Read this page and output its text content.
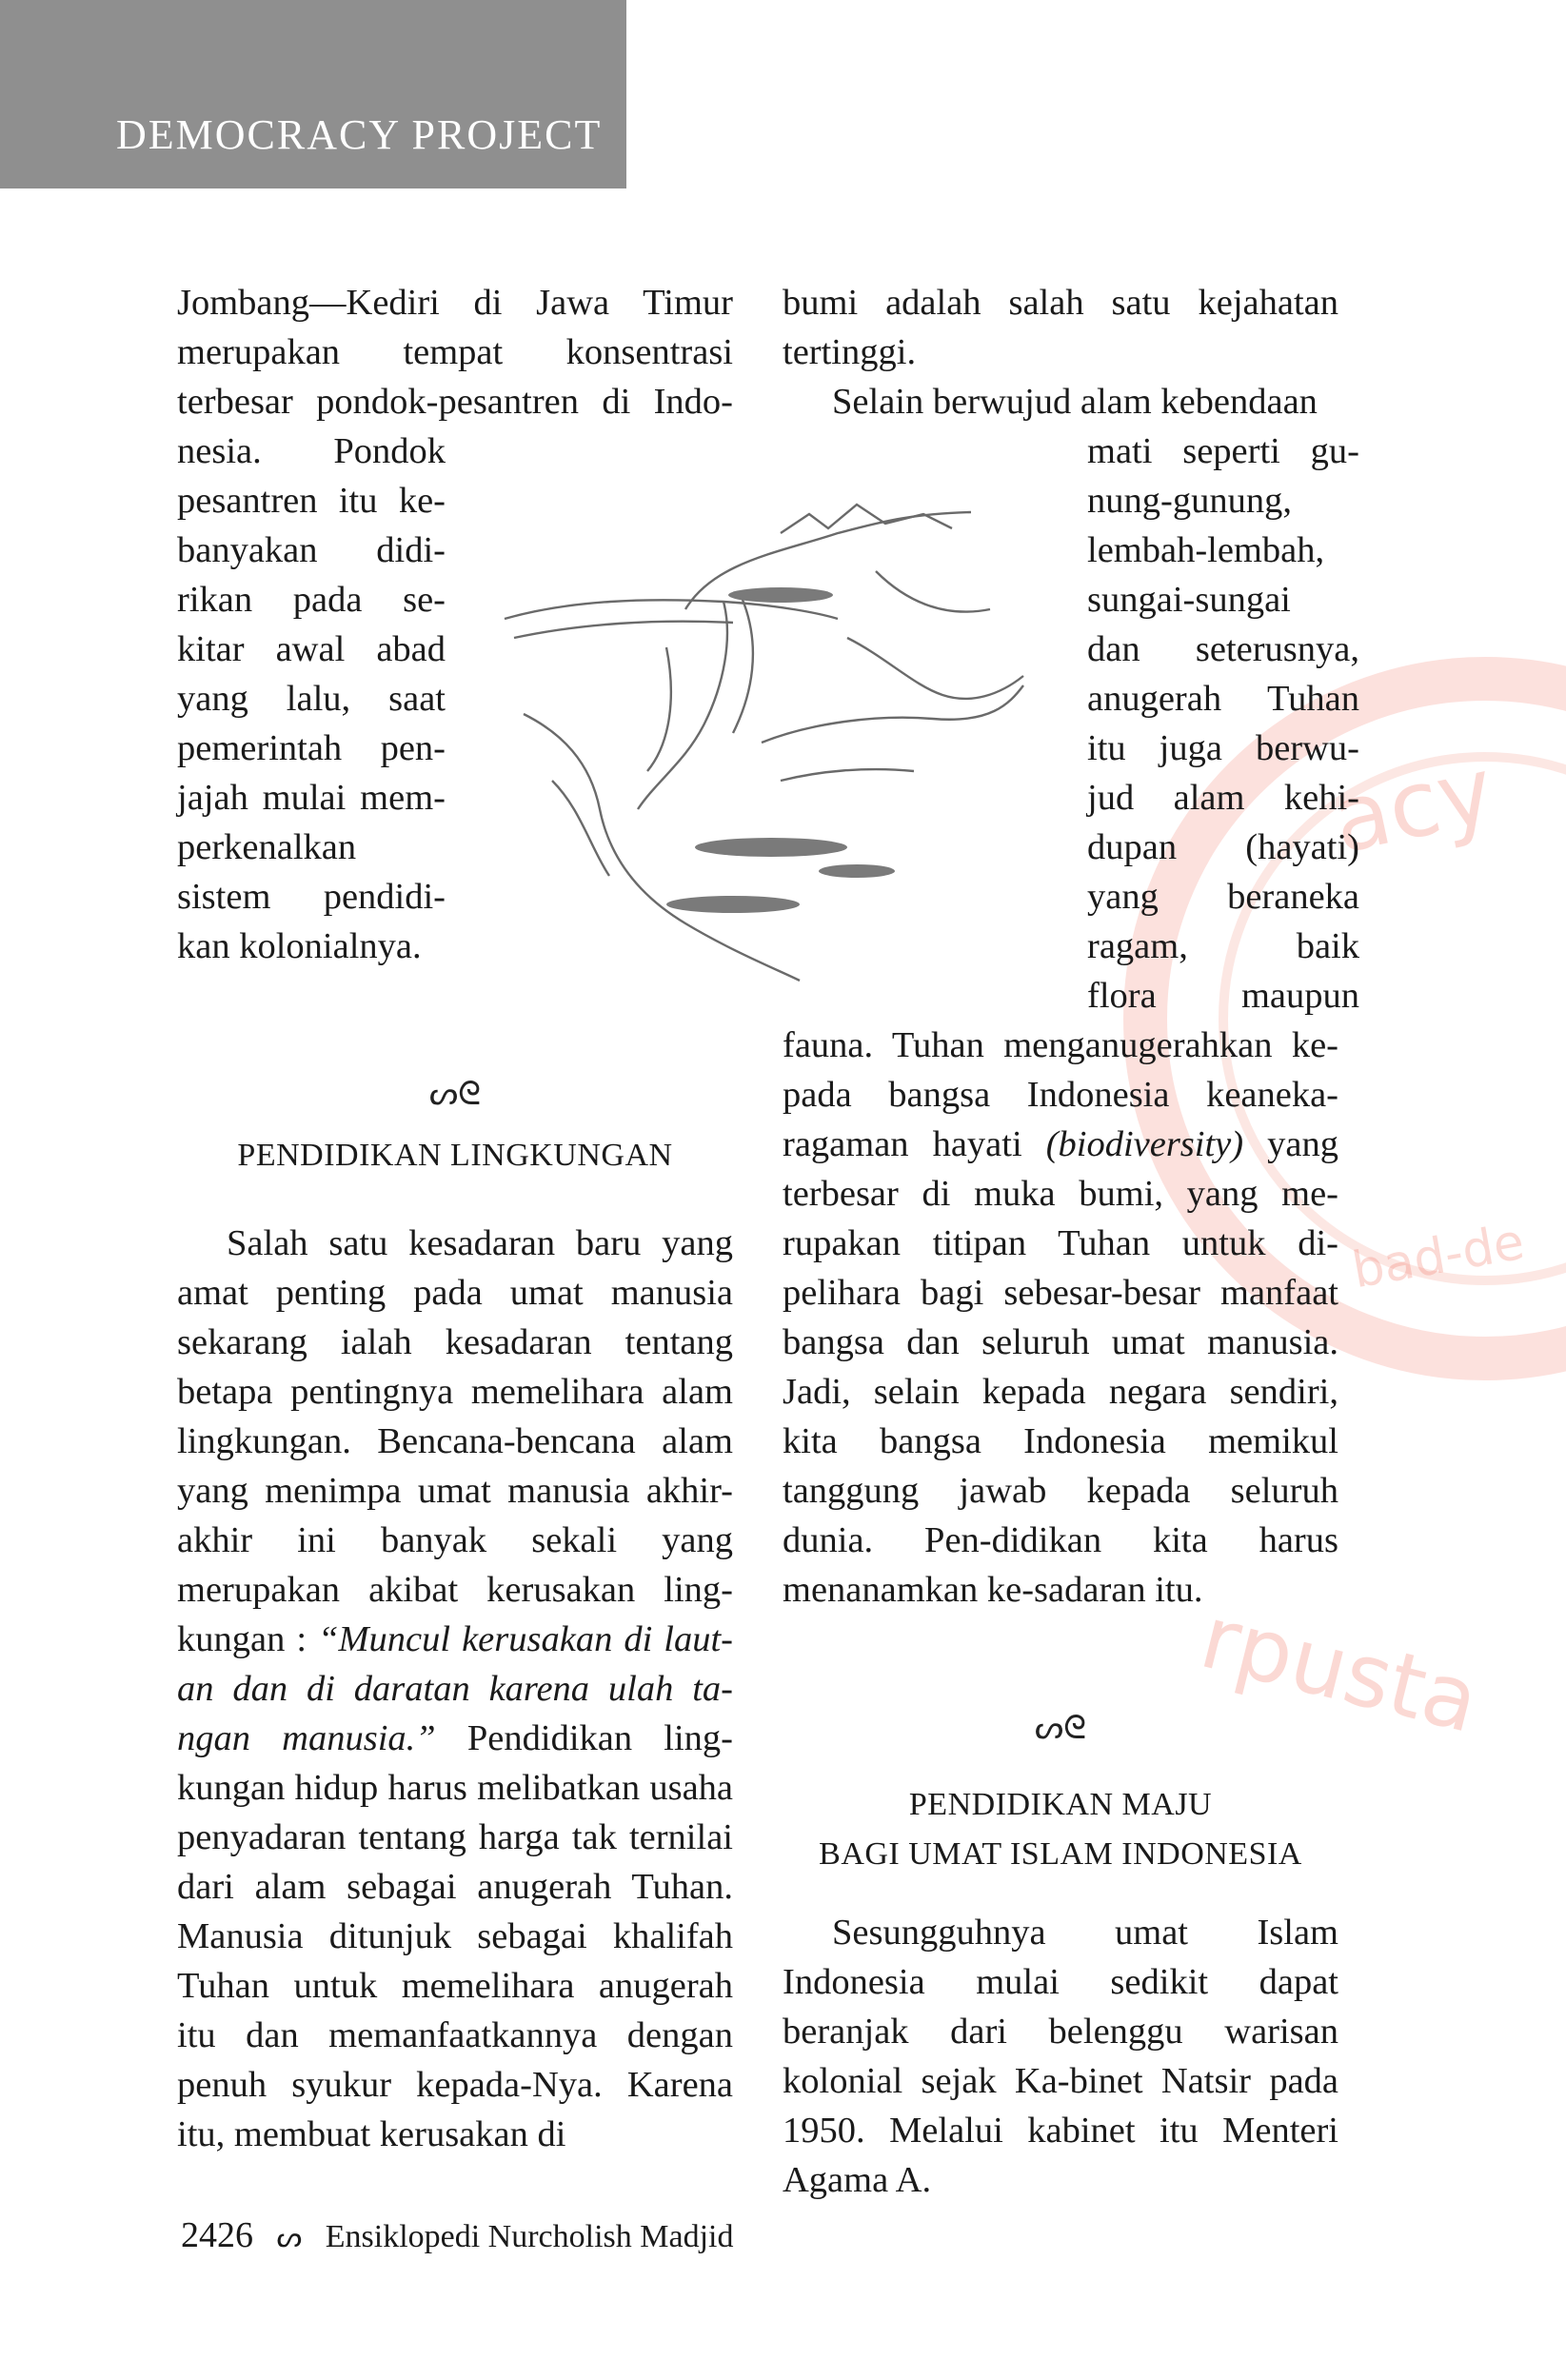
acy
bad-de
rpusta
DEMOCRACY PROJECT
Jombang—Kediri di Jawa Timur
merupakan tempat konsentrasi
terbesar pondok-pesantren di Indo-
nesia. Pondok
pesantren itu ke-
banyakan didi-
rikan pada se-
kitar awal abad
yang lalu, saat
pemerintah pen-
jajah mulai mem-
perkenalkan
sistem pendidi-
kan kolonialnya.
ᔕᘓ
PENDIDIKAN LINGKUNGAN

Salah satu kesadaran baru yang amat penting pada umat manusia sekarang ialah kesadaran tentang betapa pentingnya memelihara alam lingkungan. Bencana-bencana alam yang menimpa umat manusia akhir-akhir ini banyak sekali yang merupakan akibat kerusakan ling-kungan : “Muncul kerusakan di laut-an dan di daratan karena ulah ta-ngan manusia.” Pendidikan ling-kungan hidup harus melibatkan usaha penyadaran tentang harga tak ternilai dari alam sebagai anugerah Tuhan. Manusia ditunjuk sebagai khalifah Tuhan untuk memelihara anugerah itu dan memanfaatkannya dengan penuh syukur kepada-Nya. Karena itu, membuat kerusakan di

bumi adalah salah satu kejahatan
tertinggi.
Selain berwujud alam kebendaan
mati seperti gu-
nung-gunung,
lembah-lembah,
sungai-sungai
dan seterusnya,
anugerah Tuhan
itu juga berwu-
jud alam kehi-
dupan (hayati)
yang beraneka
ragam, baik
flora maupun

fauna. Tuhan menganugerahkan ke-pada bangsa Indonesia keaneka-ragaman hayati (biodiversity) yang terbesar di muka bumi, yang me-rupakan titipan Tuhan untuk di-pelihara bagi sebesar-besar manfaat bangsa dan seluruh umat manusia. Jadi, selain kepada negara sendiri, kita bangsa Indonesia memikul tanggung jawab kepada seluruh dunia. Pen-didikan kita harus menanamkan ke-sadaran itu.

ᔕᘓ
PENDIDIKAN MAJU
BAGI UMAT ISLAM INDONESIA

Sesungguhnya umat Islam Indonesia mulai sedikit dapat beranjak dari belenggu warisan kolonial sejak Ka-binet Natsir pada 1950. Melalui kabinet itu Menteri Agama A.

2426 ᔕ Ensiklopedi Nurcholish Madjid
